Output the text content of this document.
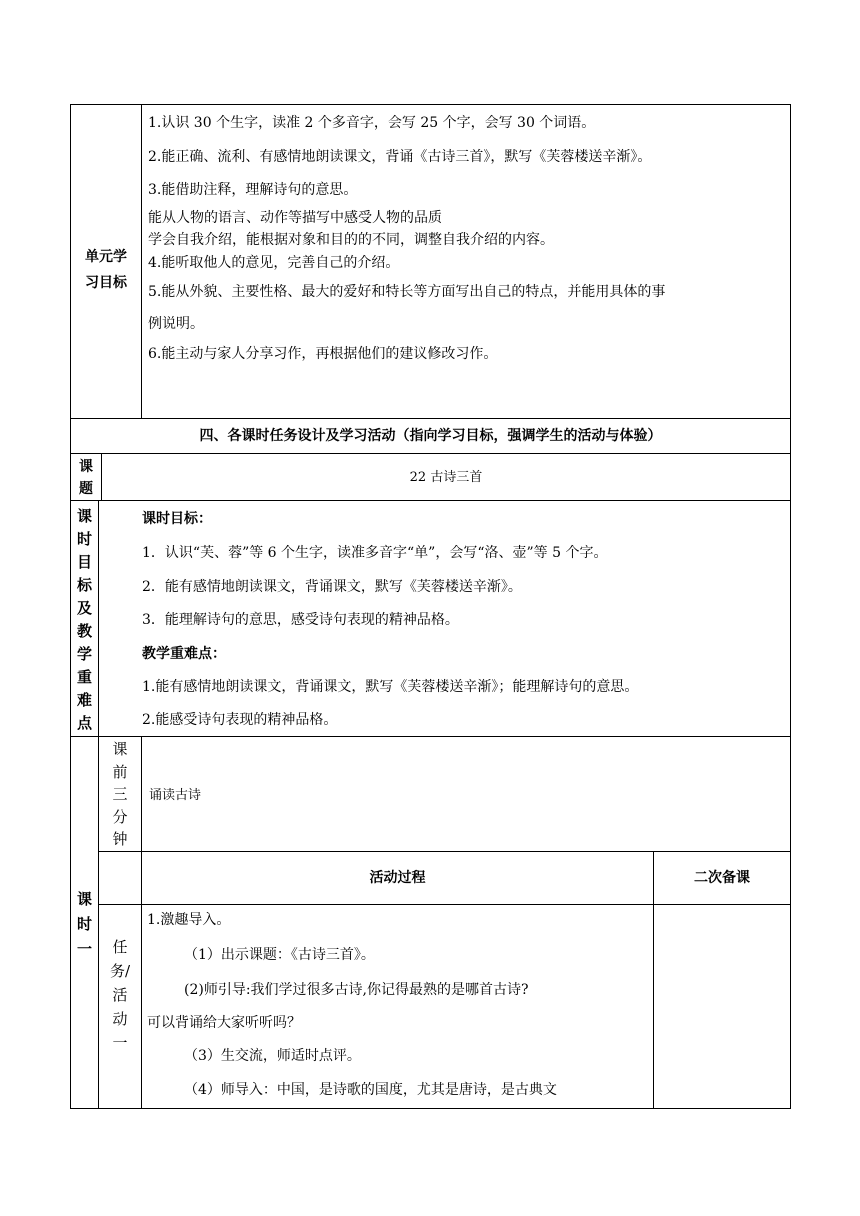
单元学
习目标
1.认识 30 个生字，读准 2 个多音字，会写 25 个字，会写 30 个词语。
2.能正确、流利、有感情地朗读课文，背诵《古诗三首》，默写《芙蓉楼送辛渐》。
3.能借助注释，理解诗句的意思。
能从人物的语言、动作等描写中感受人物的品质
学会自我介绍，能根据对象和目的的不同，调整自我介绍的内容。
4.能听取他人的意见，完善自己的介绍。
5.能从外貌、主要性格、最大的爱好和特长等方面写出自己的特点，并能用具体的事
例说明。
6.能主动与家人分享习作，再根据他们的建议修改习作。
四、各课时任务设计及学习活动（指向学习目标，强调学生的活动与体验）
课
题
22 古诗三首
课
时
目
标
及
教
学
重
难
点
课时目标：
1．认识“芙、蓉”等 6 个生字，读准多音字“单”，会写“洛、壶”等 5 个字。
2．能有感情地朗读课文，背诵课文，默写《芙蓉楼送辛渐》。
3．能理解诗句的意思，感受诗句表现的精神品格。
教学重难点：
1.能有感情地朗读课文，背诵课文，默写《芙蓉楼送辛渐》；能理解诗句的意思。
2.能感受诗句表现的精神品格。
课
时
一
课
前
三
分
钟
诵读古诗
活动过程	二次备课
任
务/
活
动
一
1.激趣导入。
（1）出示课题：《古诗三首》。
(2)师引导:我们学过很多古诗,你记得最熟的是哪首古诗?
可以背诵给大家听听吗？
（3）生交流，师适时点评。
（4）师导入：中国，是诗歌的国度，尤其是唐诗，是古典文
